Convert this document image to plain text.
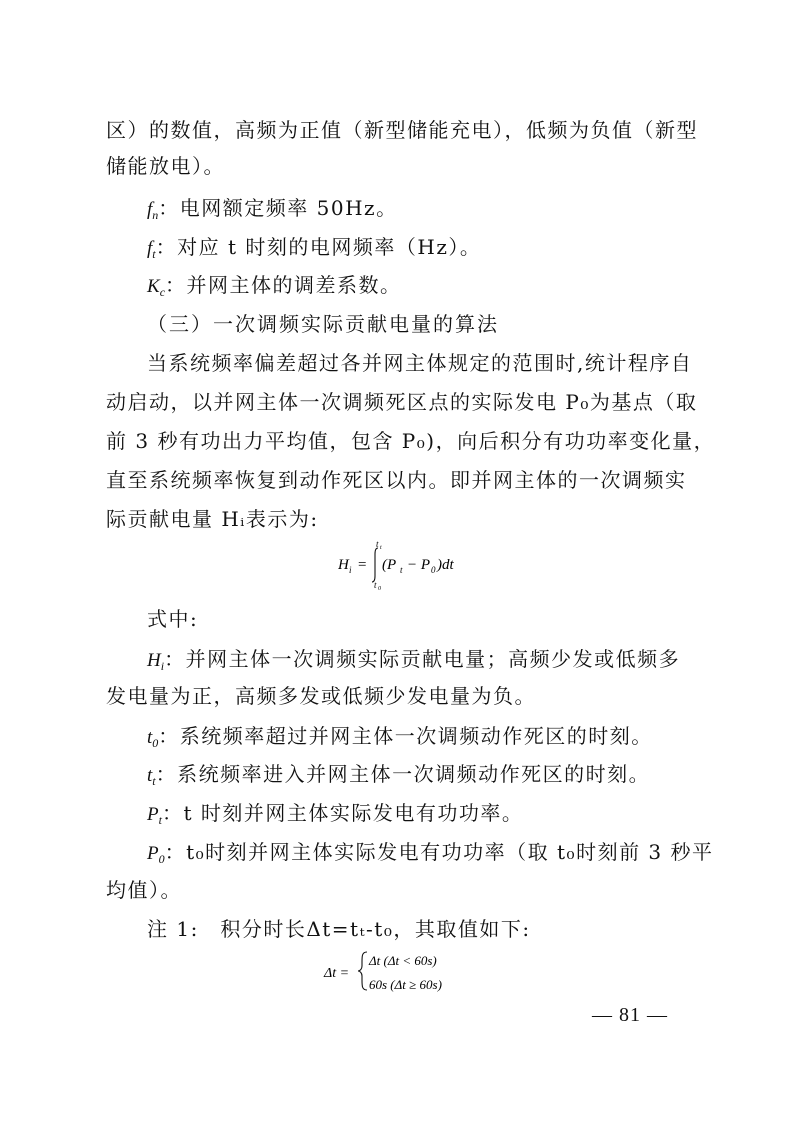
区）的数值，高频为正值（新型储能充电），低频为负值（新型
储能放电）。
$f_n$：电网额定频率 50Hz。
$f_t$：对应 t 时刻的电网频率（Hz）。
$K_c$：并网主体的调差系数。
（三）一次调频实际贡献电量的算法
当系统频率偏差超过各并网主体规定的范围时,统计程序自
动启动，以并网主体一次调频死区点的实际发电 P₀为基点（取
前 3 秒有功出力平均值，包含 P₀)，向后积分有功功率变化量，
直至系统频率恢复到动作死区以内。即并网主体的一次调频实
际贡献电量 Hᵢ表示为:
H i =
t t
t 0
(P t − P 0 )dt
式中:
$H_i$：并网主体一次调频实际贡献电量；高频少发或低频多
发电量为正，高频多发或低频少发电量为负。
$t_0$：系统频率超过并网主体一次调频动作死区的时刻。
$t_t$：系统频率进入并网主体一次调频动作死区的时刻。
$P_t$：t 时刻并网主体实际发电有功功率。
$P_0$：t₀时刻并网主体实际发电有功功率（取 t₀时刻前 3 秒平
均值）。
注 1:　积分时长Δt=tₜ-t₀，其取值如下:
Δt =
Δt (Δt < 60s)
60s (Δt ≥ 60s)
— 81 —
